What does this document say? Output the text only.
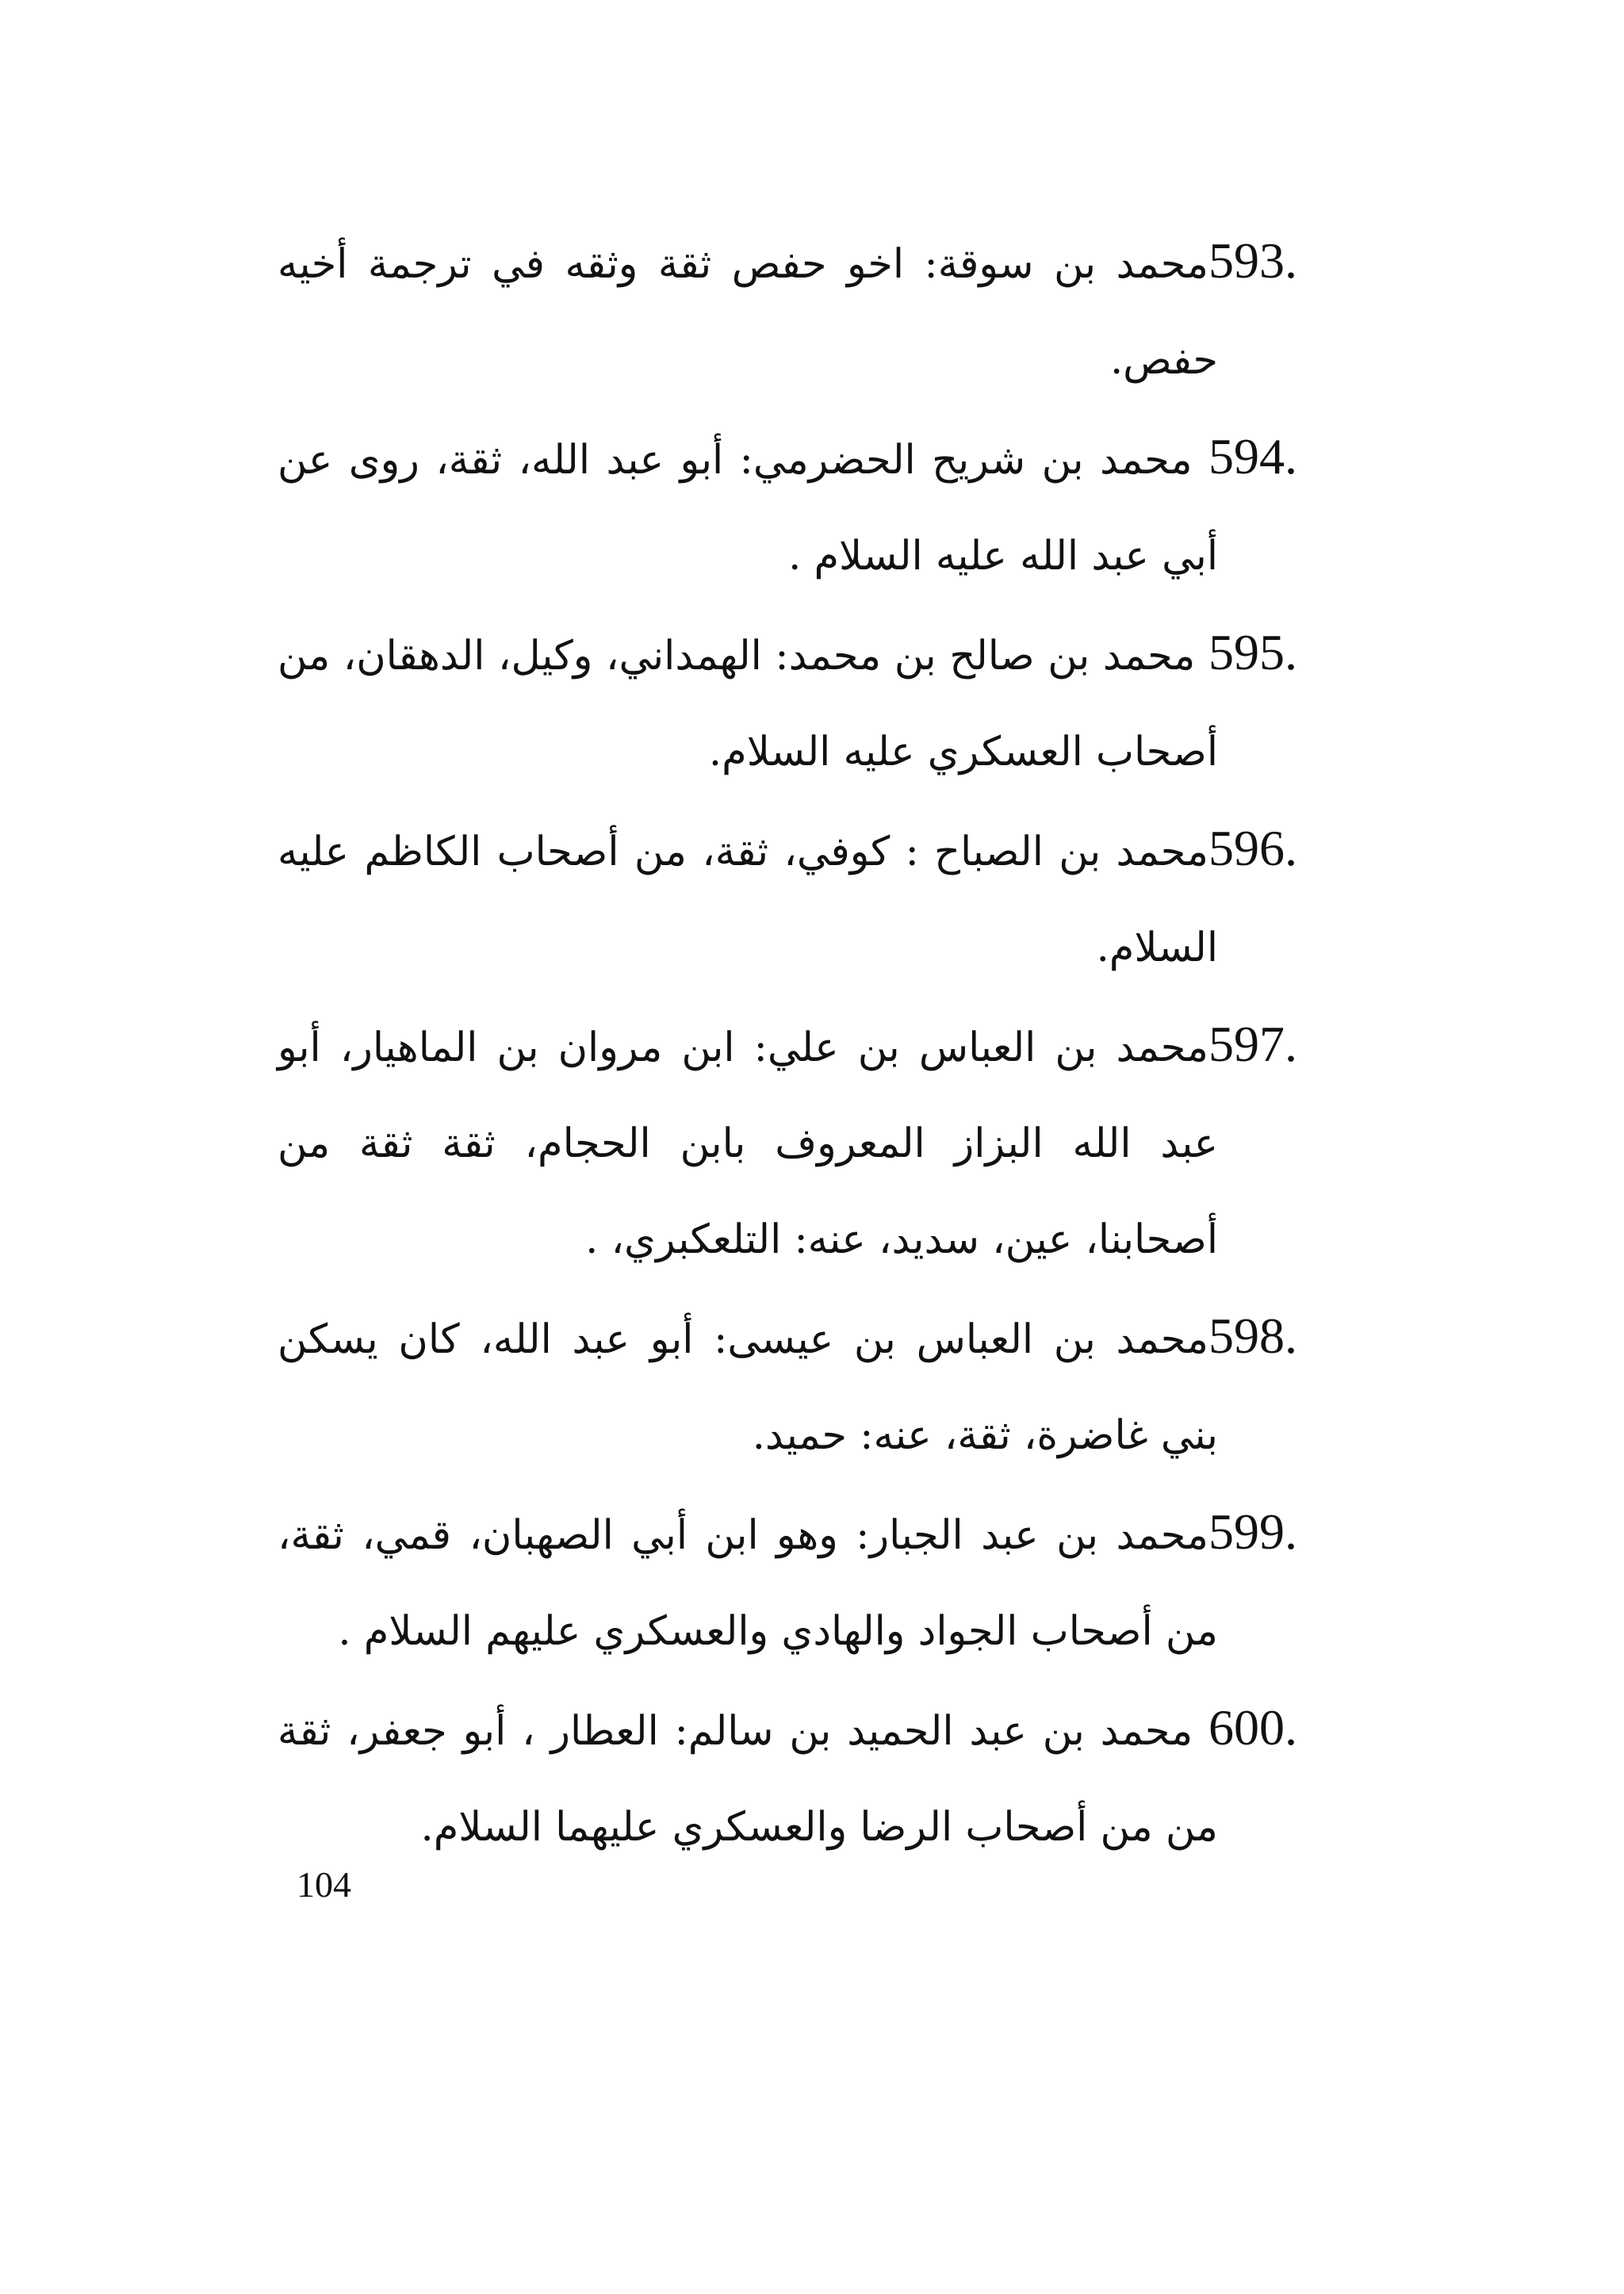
593.محمد بن سوقة: اخو حفص ثقة وثقه في ترجمة أخيه حفص.

594. محمد بن شريح الحضرمي: أبو عبد الله، ثقة، روى عن أبي عبد الله عليه السلام .

595. محمد بن صالح بن محمد: الهمداني، وكيل، الدهقان، من أصحاب العسكري عليه السلام.

596.محمد بن الصباح : كوفي، ثقة، من أصحاب الكاظم عليه السلام.

597.محمد بن العباس بن علي: ابن مروان بن الماهيار، أبو عبد الله البزاز المعروف بابن الحجام، ثقة ثقة من أصحابنا، عين، سديد، عنه: التلعكبري، .

598.محمد بن العباس بن عيسى: أبو عبد الله، كان يسكن بني غاضرة، ثقة، عنه: حميد.

599.محمد بن عبد الجبار: وهو ابن أبي الصهبان، قمي، ثقة، من أصحاب الجواد والهادي والعسكري عليهم السلام .

600. محمد بن عبد الحميد بن سالم: العطار ، أبو جعفر، ثقة من من أصحاب الرضا والعسكري عليهما السلام.

104
